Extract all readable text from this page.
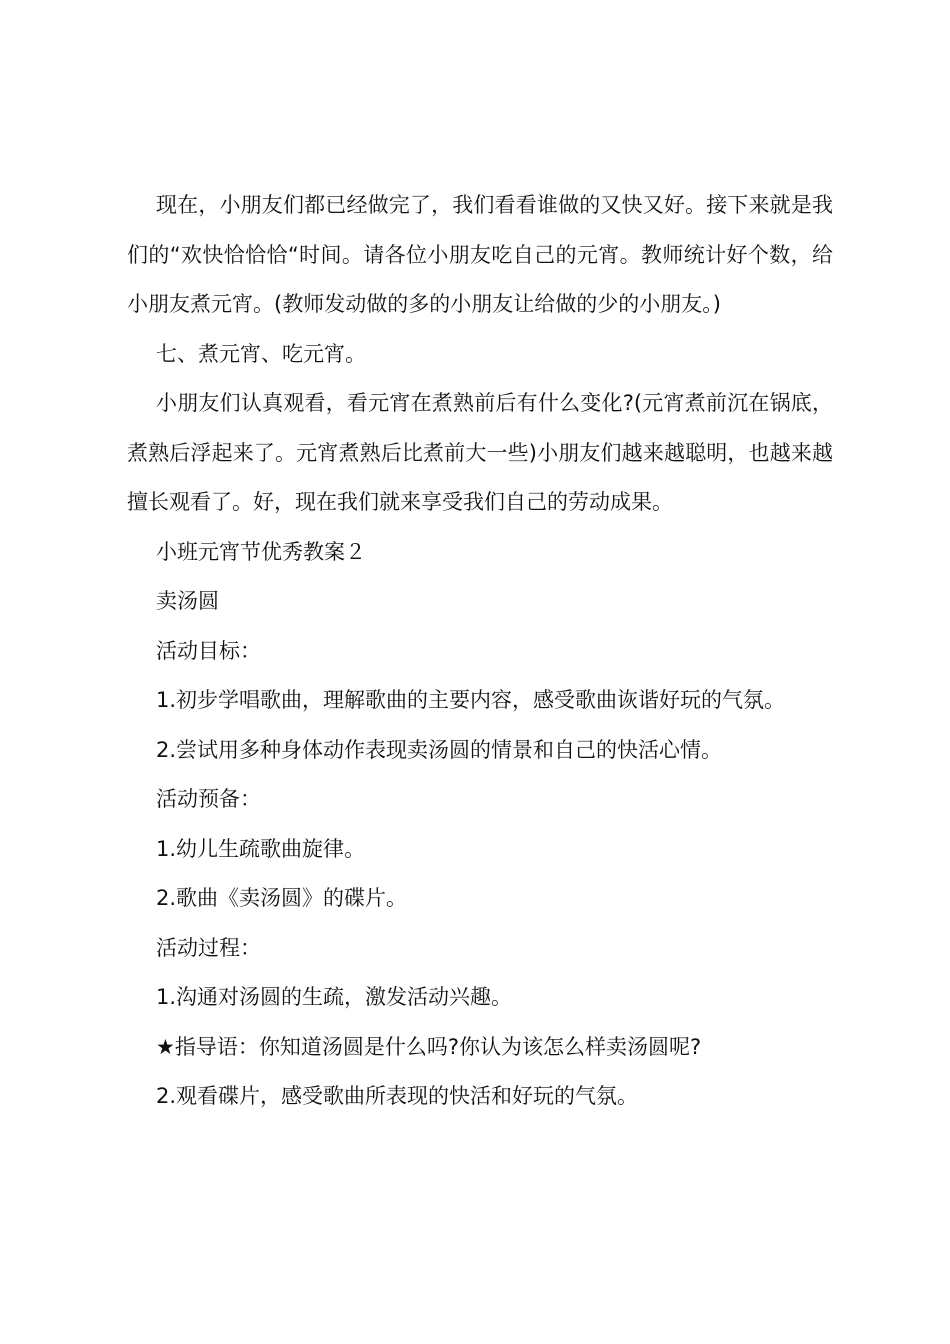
现在，小朋友们都已经做完了，我们看看谁做的又快又好。接下来就是我们的“欢快恰恰恰“时间。请各位小朋友吃自己的元宵。教师统计好个数，给小朋友煮元宵。(教师发动做的多的小朋友让给做的少的小朋友。)

七、煮元宵、吃元宵。

小朋友们认真观看，看元宵在煮熟前后有什么变化?(元宵煮前沉在锅底，煮熟后浮起来了。元宵煮熟后比煮前大一些)小朋友们越来越聪明，也越来越擅长观看了。好，现在我们就来享受我们自己的劳动成果。

小班元宵节优秀教案２

卖汤圆

活动目标：

1.初步学唱歌曲，理解歌曲的主要内容，感受歌曲诙谐好玩的气氛。

2.尝试用多种身体动作表现卖汤圆的情景和自己的快活心情。

活动预备：

1.幼儿生疏歌曲旋律。

2.歌曲《卖汤圆》的碟片。

活动过程：

1.沟通对汤圆的生疏，激发活动兴趣。

★指导语：你知道汤圆是什么吗?你认为该怎么样卖汤圆呢?

2.观看碟片，感受歌曲所表现的快活和好玩的气氛。
